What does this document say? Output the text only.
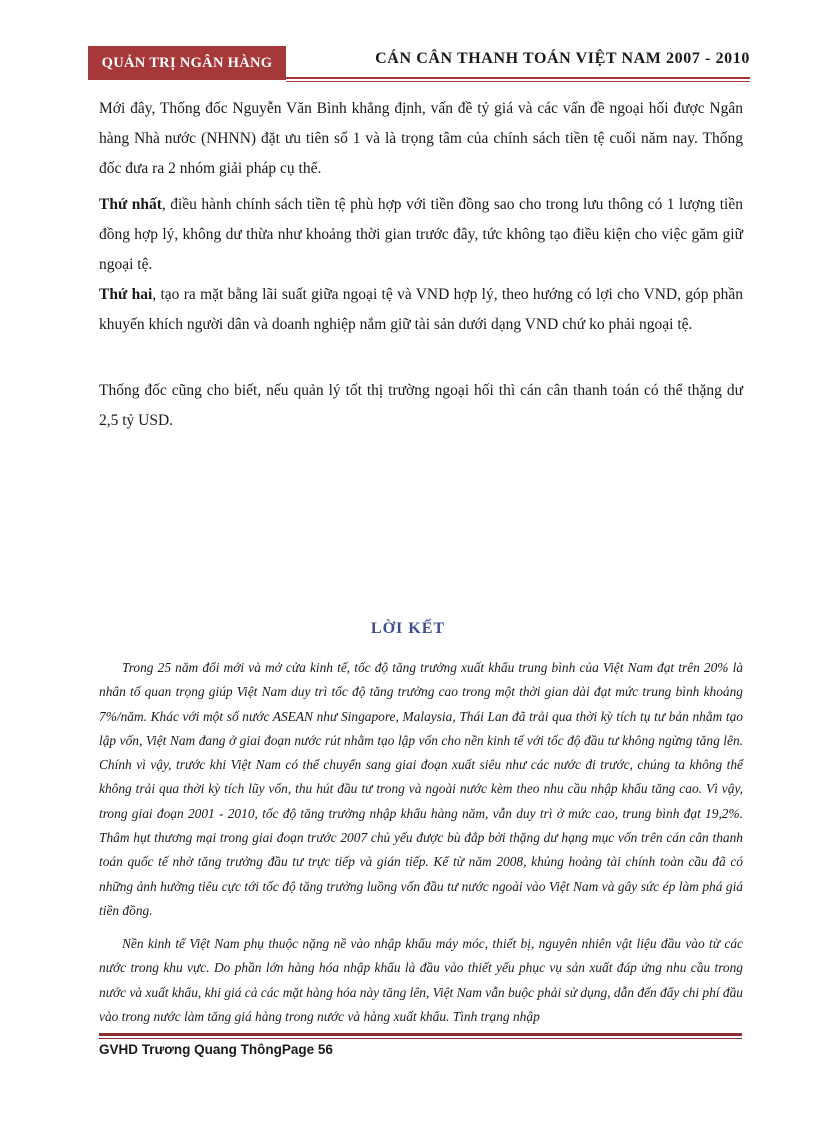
QUẢN TRỊ NGÂN HÀNG	CÁN CÂN THANH TOÁN VIỆT NAM 2007 - 2010

Mới đây, Thống đốc Nguyễn Văn Bình khẳng định, vấn đề tỷ giá và các vấn đề ngoại hối được Ngân hàng Nhà nước (NHNN) đặt ưu tiên số 1 và là trọng tâm của chính sách tiền tệ cuối năm nay. Thống đốc đưa ra 2 nhóm giải pháp cụ thể.

Thứ nhất, điều hành chính sách tiền tệ phù hợp với tiền đồng sao cho trong lưu thông có 1 lượng tiền đồng hợp lý, không dư thừa như khoảng thời gian trước đây, tức không tạo điều kiện cho việc găm giữ ngoại tệ.

Thứ hai, tạo ra mặt bằng lãi suất giữa ngoại tệ và VND hợp lý, theo hướng có lợi cho VND, góp phần khuyến khích người dân và doanh nghiệp nắm giữ tài sản dưới dạng VND chứ ko phải ngoại tệ.

Thống đốc cũng cho biết, nếu quản lý tốt thị trường ngoại hối thì cán cân thanh toán có thể thặng dư 2,5 tỷ USD.

LỜI KẾT

Trong 25 năm đổi mới và mở cửa kinh tế, tốc độ tăng trưởng xuất khẩu trung bình của Việt Nam đạt trên 20% là nhân tố quan trọng giúp Việt Nam duy trì tốc độ tăng trưởng cao trong một thời gian dài đạt mức trung bình khoảng 7%/năm. Khác với một số nước ASEAN như Singapore, Malaysia, Thái Lan đã trải qua thời kỳ tích tụ tư bản nhằm tạo lập vốn, Việt Nam đang ở giai đoạn nước rút nhằm tạo lập vốn cho nền kinh tế với tốc độ đầu tư không ngừng tăng lên. Chính vì vậy, trước khi Việt Nam có thể chuyển sang giai đoạn xuất siêu như các nước đi trước, chúng ta không thể không trải qua thời kỳ tích lũy vốn, thu hút đầu tư trong và ngoài nước kèm theo nhu cầu nhập khẩu tăng cao. Vì vậy, trong giai đoạn 2001 - 2010, tốc độ tăng trưởng nhập khẩu hàng năm, vẫn duy trì ở mức cao, trung bình đạt 19,2%. Thâm hụt thương mại trong giai đoạn trước 2007 chủ yếu được bù đắp bởi thặng dư hạng mục vốn trên cán cân thanh toán quốc tế nhờ tăng trưởng đầu tư trực tiếp và gián tiếp. Kể từ năm 2008, khủng hoảng tài chính toàn cầu đã có những ảnh hưởng tiêu cực tới tốc độ tăng trưởng luồng vốn đầu tư nước ngoài vào Việt Nam và gây sức ép làm phá giá tiền đồng.

Nền kinh tế Việt Nam phụ thuộc nặng nề vào nhập khẩu máy móc, thiết bị, nguyên nhiên vật liệu đầu vào từ các nước trong khu vực. Do phần lớn hàng hóa nhập khẩu là đầu vào thiết yếu phục vụ sản xuất đáp ứng nhu cầu trong nước và xuất khẩu, khi giá cả các mặt hàng hóa này tăng lên, Việt Nam vẫn buộc phải sử dụng, dẫn đến đẩy chi phí đầu vào trong nước làm tăng giá hàng trong nước và hàng xuất khẩu. Tình trạng nhập

GVHD Trương Quang ThôngPage 56
